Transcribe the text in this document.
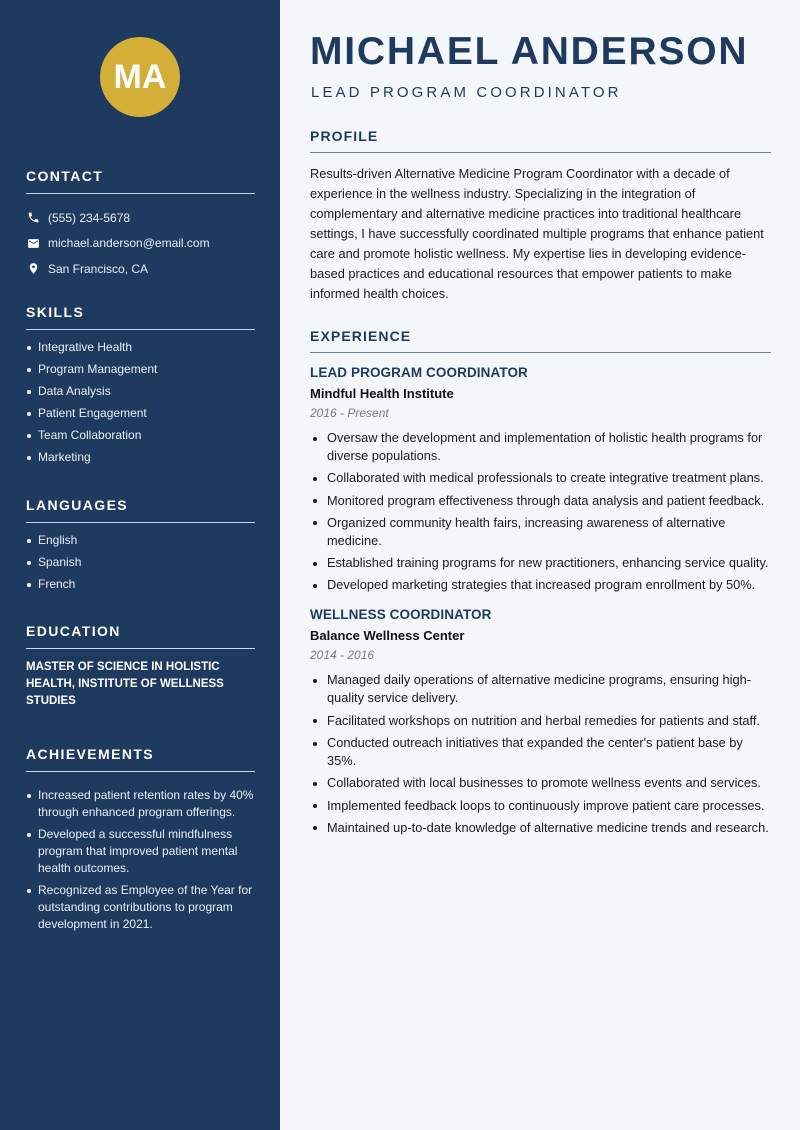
MA
CONTACT
(555) 234-5678
michael.anderson@email.com
San Francisco, CA
SKILLS
Integrative Health
Program Management
Data Analysis
Patient Engagement
Team Collaboration
Marketing
LANGUAGES
English
Spanish
French
EDUCATION

MASTER OF SCIENCE IN HOLISTIC HEALTH, INSTITUTE OF WELLNESS STUDIES

ACHIEVEMENTS
Increased patient retention rates by 40% through enhanced program offerings.
Developed a successful mindfulness program that improved patient mental health outcomes.
Recognized as Employee of the Year for outstanding contributions to program development in 2021.
MICHAEL ANDERSON
LEAD PROGRAM COORDINATOR
PROFILE

Results-driven Alternative Medicine Program Coordinator with a decade of experience in the wellness industry. Specializing in the integration of complementary and alternative medicine practices into traditional healthcare settings, I have successfully coordinated multiple programs that enhance patient care and promote holistic wellness. My expertise lies in developing evidence-based practices and educational resources that empower patients to make informed health choices.

EXPERIENCE
LEAD PROGRAM COORDINATOR
Mindful Health Institute
2016 - Present
Oversaw the development and implementation of holistic health programs for diverse populations.
Collaborated with medical professionals to create integrative treatment plans.
Monitored program effectiveness through data analysis and patient feedback.
Organized community health fairs, increasing awareness of alternative medicine.
Established training programs for new practitioners, enhancing service quality.
Developed marketing strategies that increased program enrollment by 50%.
WELLNESS COORDINATOR
Balance Wellness Center
2014 - 2016
Managed daily operations of alternative medicine programs, ensuring high-quality service delivery.
Facilitated workshops on nutrition and herbal remedies for patients and staff.
Conducted outreach initiatives that expanded the center's patient base by 35%.
Collaborated with local businesses to promote wellness events and services.
Implemented feedback loops to continuously improve patient care processes.
Maintained up-to-date knowledge of alternative medicine trends and research.
